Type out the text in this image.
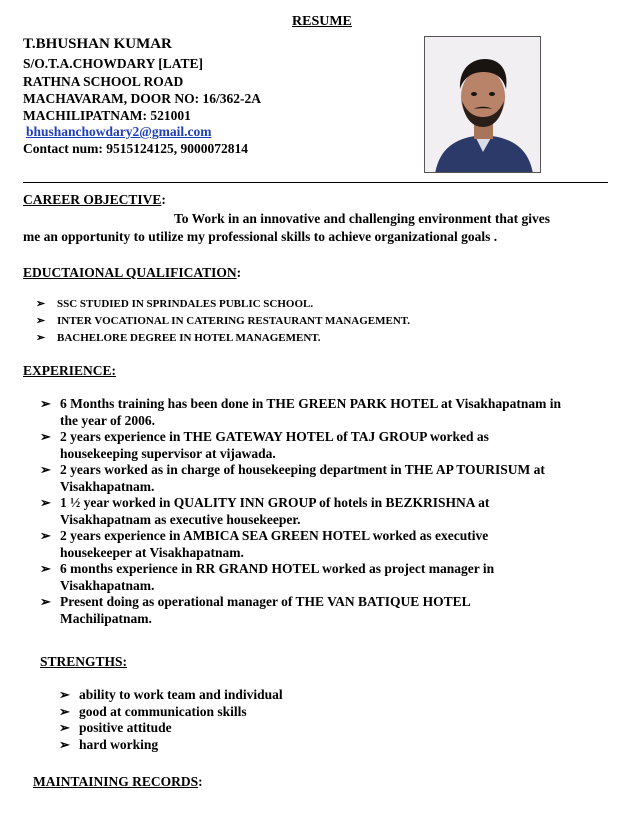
RESUME
T.BHUSHAN KUMAR
S/O.T.A.CHOWDARY [LATE]
RATHNA SCHOOL ROAD
MACHAVARAM, DOOR NO: 16/362-2A
MACHILIPATNAM: 521001
bhushanchowdary2@gmail.com
Contact num: 9515124125, 9000072814
CAREER OBJECTIVE:
To Work in an innovative and challenging environment that gives
me an opportunity to utilize my professional skills to achieve organizational goals .
EDUCTAIONAL QUALIFICATION:
➢ SSC STUDIED IN SPRINDALES PUBLIC SCHOOL.
➢ INTER VOCATIONAL IN CATERING RESTAURANT MANAGEMENT.
➢ BACHELORE DEGREE IN HOTEL MANAGEMENT.
EXPERIENCE:
➢ 6 Months training has been done in THE GREEN PARK HOTEL at Visakhapatnam in
the year of 2006.
➢ 2 years experience in THE GATEWAY HOTEL of TAJ GROUP worked as
housekeeping supervisor at vijawada.
➢ 2 years worked as in charge of housekeeping department in THE AP TOURISUM at
Visakhapatnam.
➢ 1 ½ year worked in QUALITY INN GROUP of hotels in BEZKRISHNA at
Visakhapatnam as executive housekeeper.
➢ 2 years experience in AMBICA SEA GREEN HOTEL worked as executive
housekeeper at Visakhapatnam.
➢ 6 months experience in RR GRAND HOTEL worked as project manager in
Visakhapatnam.
➢ Present doing as operational manager of THE VAN BATIQUE HOTEL
Machilipatnam.
STRENGTHS:
➢ ability to work team and individual
➢ good at communication skills
➢ positive attitude
➢ hard working
MAINTAINING RECORDS:
